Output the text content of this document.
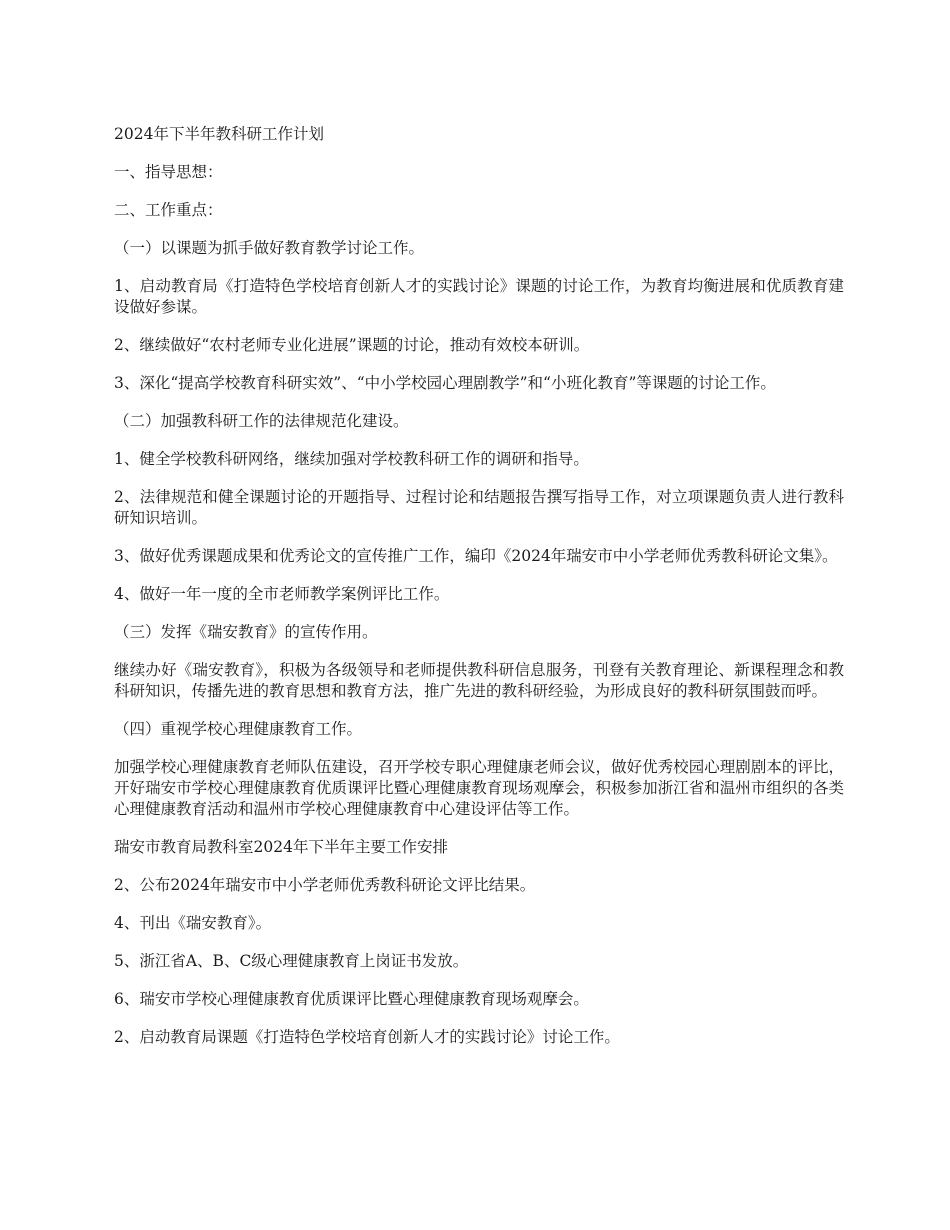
2024年下半年教科研工作计划

一、指导思想：

二、工作重点：

（一）以课题为抓手做好教育教学讨论工作。

1、启动教育局《打造特色学校培育创新人才的实践讨论》课题的讨论工作，为教育均衡进展和优质教育建设做好参谋。

2、继续做好“农村老师专业化进展”课题的讨论，推动有效校本研训。

3、深化“提高学校教育科研实效”、“中小学校园心理剧教学”和“小班化教育”等课题的讨论工作。

（二）加强教科研工作的法律规范化建设。

1、健全学校教科研网络，继续加强对学校教科研工作的调研和指导。

2、法律规范和健全课题讨论的开题指导、过程讨论和结题报告撰写指导工作，对立项课题负责人进行教科研知识培训。

3、做好优秀课题成果和优秀论文的宣传推广工作，编印《2024年瑞安市中小学老师优秀教科研论文集》。

4、做好一年一度的全市老师教学案例评比工作。

（三）发挥《瑞安教育》的宣传作用。

继续办好《瑞安教育》，积极为各级领导和老师提供教科研信息服务，刊登有关教育理论、新课程理念和教科研知识，传播先进的教育思想和教育方法，推广先进的教科研经验，为形成良好的教科研氛围鼓而呼。

（四）重视学校心理健康教育工作。

加强学校心理健康教育老师队伍建设，召开学校专职心理健康老师会议，做好优秀校园心理剧剧本的评比，开好瑞安市学校心理健康教育优质课评比暨心理健康教育现场观摩会，积极参加浙江省和温州市组织的各类心理健康教育活动和温州市学校心理健康教育中心建设评估等工作。

瑞安市教育局教科室2024年下半年主要工作安排

2、公布2024年瑞安市中小学老师优秀教科研论文评比结果。

4、刊出《瑞安教育》。

5、浙江省A、B、C级心理健康教育上岗证书发放。

6、瑞安市学校心理健康教育优质课评比暨心理健康教育现场观摩会。

2、启动教育局课题《打造特色学校培育创新人才的实践讨论》讨论工作。
